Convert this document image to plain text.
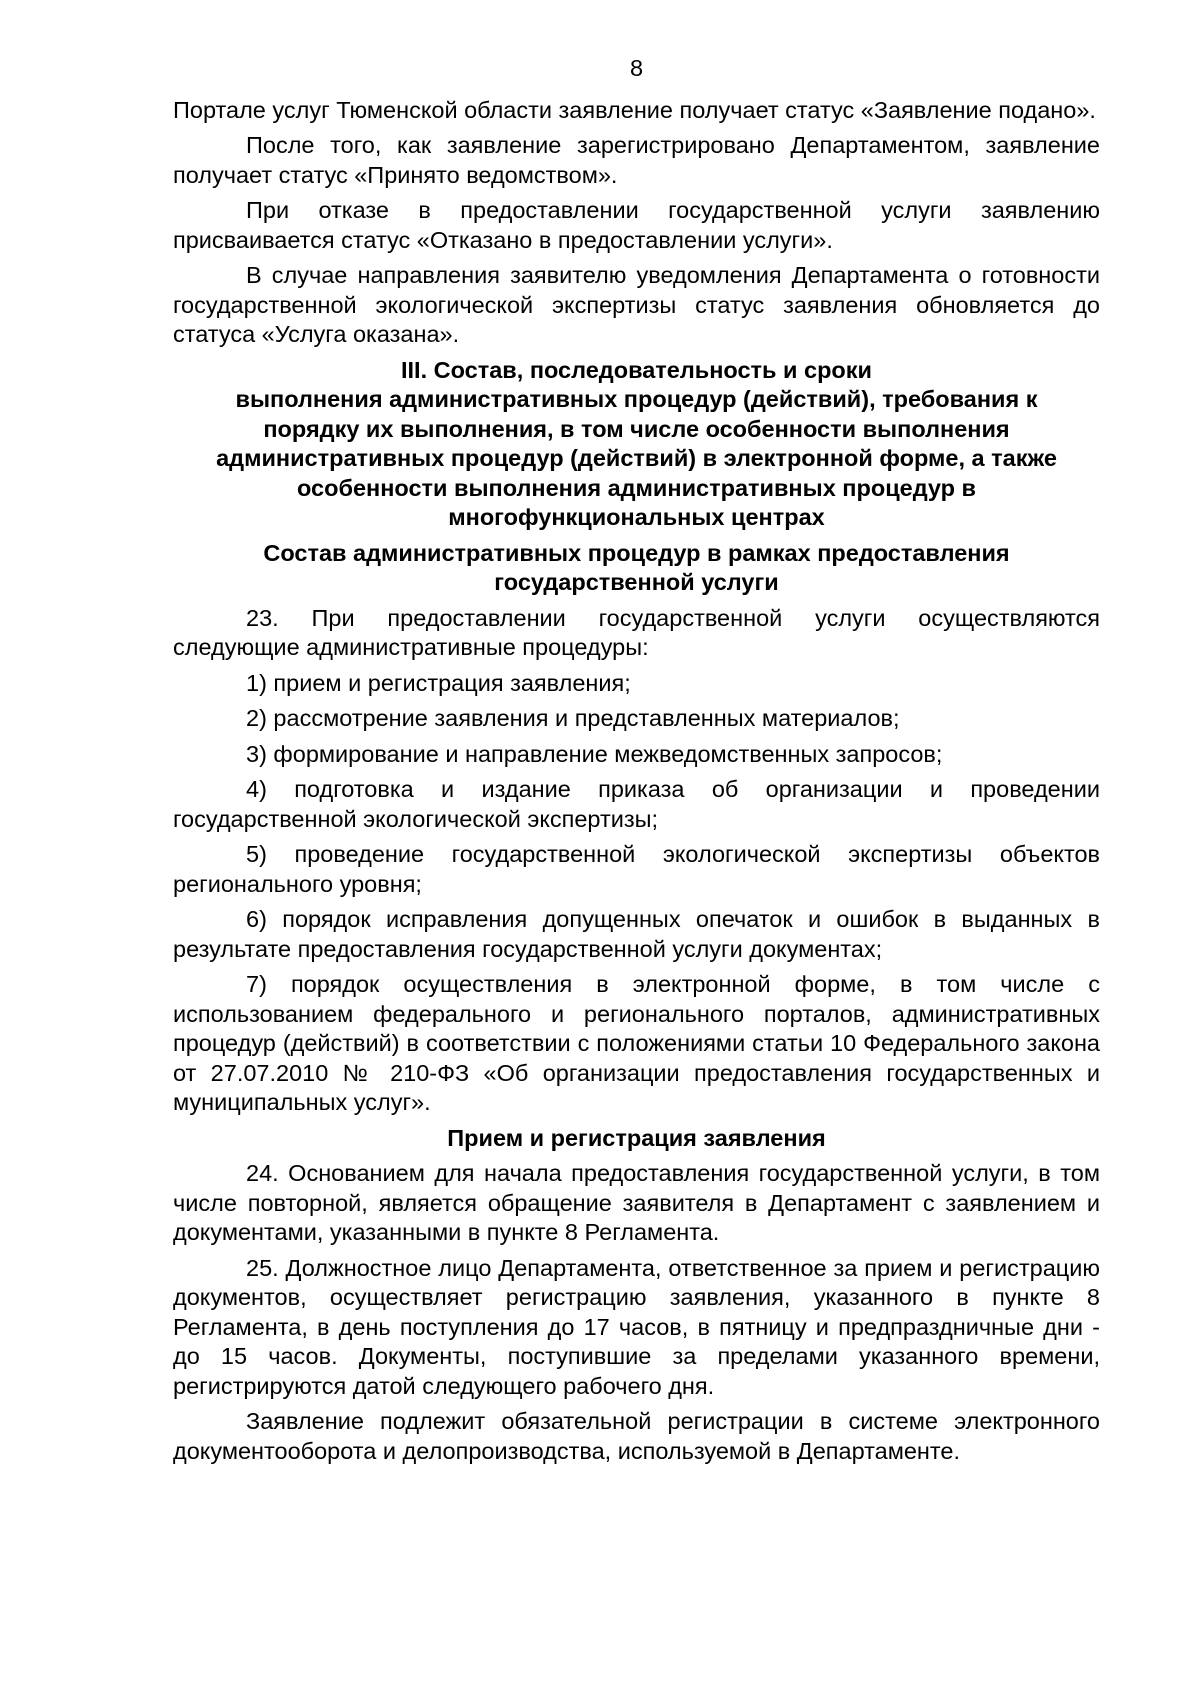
8

Портале услуг Тюменской области заявление получает статус «Заявление подано».

После того, как заявление зарегистрировано Департаментом, заявление получает статус «Принято ведомством».

При отказе в предоставлении государственной услуги заявлению присваивается статус «Отказано в предоставлении услуги».

В случае направления заявителю уведомления Департамента о готовности государственной экологической экспертизы статус заявления обновляется до статуса «Услуга оказана».

III. Состав, последовательность и сроки
выполнения административных процедур (действий), требования к
порядку их выполнения, в том числе особенности выполнения
административных процедур (действий) в электронной форме, а также
особенности выполнения административных процедур в
многофункциональных центрах
Состав административных процедур в рамках предоставления государственной услуги

23. При предоставлении государственной услуги осуществляются следующие административные процедуры:

1) прием и регистрация заявления;

2) рассмотрение заявления и представленных материалов;

3) формирование и направление межведомственных запросов;

4) подготовка и издание приказа об организации и проведении государственной экологической экспертизы;

5) проведение государственной экологической экспертизы объектов регионального уровня;

6) порядок исправления допущенных опечаток и ошибок в выданных в результате предоставления государственной услуги документах;

7) порядок осуществления в электронной форме, в том числе с использованием федерального и регионального порталов, административных процедур (действий) в соответствии с положениями статьи 10 Федерального закона от 27.07.2010 № 210-ФЗ «Об организации предоставления государственных и муниципальных услуг».

Прием и регистрация заявления

24. Основанием для начала предоставления государственной услуги, в том числе повторной, является обращение заявителя в Департамент с заявлением и документами, указанными в пункте 8 Регламента.

25. Должностное лицо Департамента, ответственное за прием и регистрацию документов, осуществляет регистрацию заявления, указанного в пункте 8 Регламента, в день поступления до 17 часов, в пятницу и предпраздничные дни - до 15 часов. Документы, поступившие за пределами указанного времени, регистрируются датой следующего рабочего дня.

Заявление подлежит обязательной регистрации в системе электронного документооборота и делопроизводства, используемой в Департаменте.
